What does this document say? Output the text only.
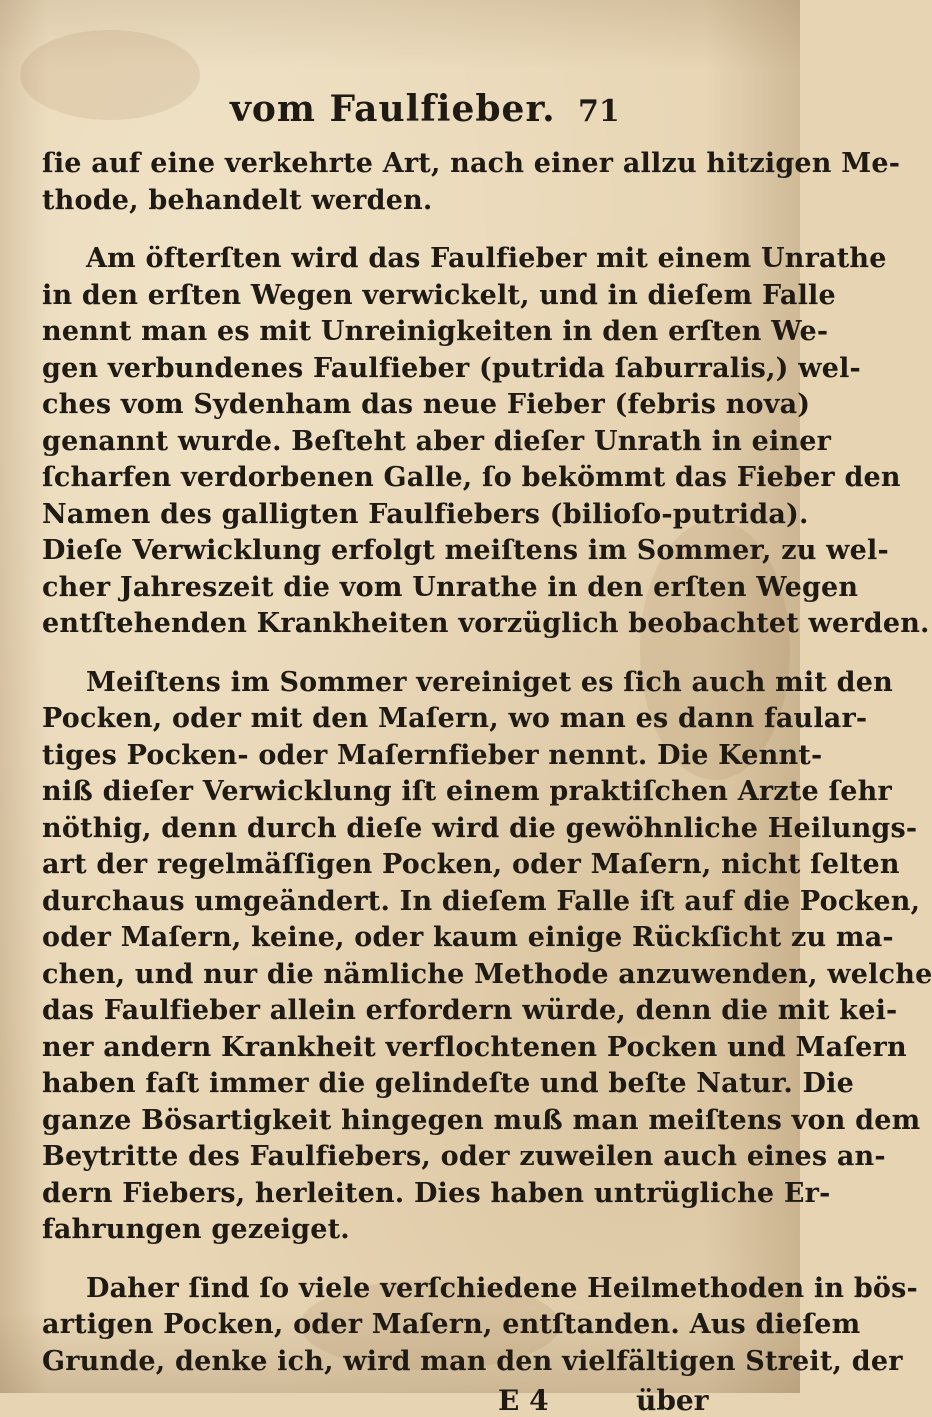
vom Faulfieber. 71
ſie auf eine verkehrte Art, nach einer allzu hitzigen Me-
thode, behandelt werden.
Am öfterſten wird das Faulfieber mit einem Unrathe
in den erſten Wegen verwickelt, und in dieſem Falle
nennt man es mit Unreinigkeiten in den erſten We-
gen verbundenes Faulfieber (putrida ſaburralis,) wel-
ches vom Sydenham das neue Fieber (febris nova)
genannt wurde. Beſteht aber dieſer Unrath in einer
ſcharfen verdorbenen Galle, ſo bekömmt das Fieber den
Namen des galligten Faulfiebers (bilioſo-putrida).
Dieſe Verwicklung erfolgt meiſtens im Sommer, zu wel-
cher Jahreszeit die vom Unrathe in den erſten Wegen
entſtehenden Krankheiten vorzüglich beobachtet werden.
Meiſtens im Sommer vereiniget es ſich auch mit den
Pocken, oder mit den Maſern, wo man es dann faular-
tiges Pocken- oder Maſernfieber nennt. Die Kennt-
niß dieſer Verwicklung iſt einem praktiſchen Arzte ſehr
nöthig, denn durch dieſe wird die gewöhnliche Heilungs-
art der regelmäſſigen Pocken, oder Maſern, nicht ſelten
durchaus umgeändert. In dieſem Falle iſt auf die Pocken,
oder Maſern, keine, oder kaum einige Rückſicht zu ma-
chen, und nur die nämliche Methode anzuwenden, welche
das Faulfieber allein erfordern würde, denn die mit kei-
ner andern Krankheit verflochtenen Pocken und Maſern
haben faſt immer die gelindeſte und beſte Natur. Die
ganze Bösartigkeit hingegen muß man meiſtens von dem
Beytritte des Faulfiebers, oder zuweilen auch eines an-
dern Fiebers, herleiten. Dies haben untrügliche Er-
fahrungen gezeiget.
Daher ſind ſo viele verſchiedene Heilmethoden in bös-
artigen Pocken, oder Maſern, entſtanden. Aus dieſem
Grunde, denke ich, wird man den vielfältigen Streit, der
E 4	über
